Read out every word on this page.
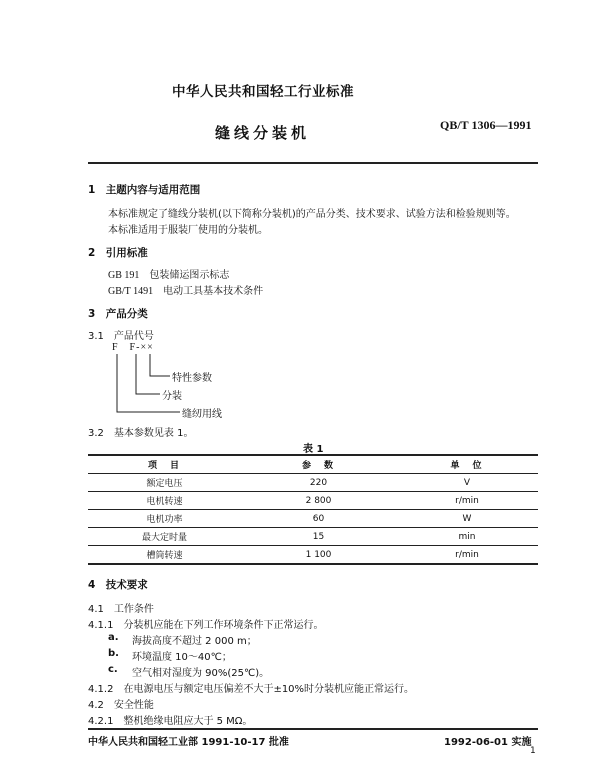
中华人民共和国轻工行业标准
缝线分装机	QB/T 1306—1991
1　主题内容与适用范围
本标准规定了缝线分装机(以下简称分装机)的产品分类、技术要求、试验方法和检验规则等。
本标准适用于服装厂使用的分装机。
2　引用标准
GB 191　包装储运图示标志
GB/T 1491　电动工具基本技术条件
3　产品分类
3.1　产品代号
F　F-××
特性参数
分装
缝纫用线
3.2　基本参数见表 1。
表 1
项　目	参　数	单　位
额定电压	220	V
电机转速	2 800	r/min
电机功率	60	W
最大定时量	15	min
槽筒转速	1 100	r/min
4　技术要求
4.1　工作条件
4.1.1　分装机应能在下列工作环境条件下正常运行。
a. 海拔高度不超过 2 000 m；
b. 环境温度 10～40℃；
c. 空气相对湿度为 90%(25℃)。
4.1.2　在电源电压与额定电压偏差不大于±10%时分装机应能正常运行。
4.2　安全性能
4.2.1　整机绝缘电阻应大于 5 MΩ。
中华人民共和国轻工业部 1991-10-17 批准	1992-06-01 实施
1
